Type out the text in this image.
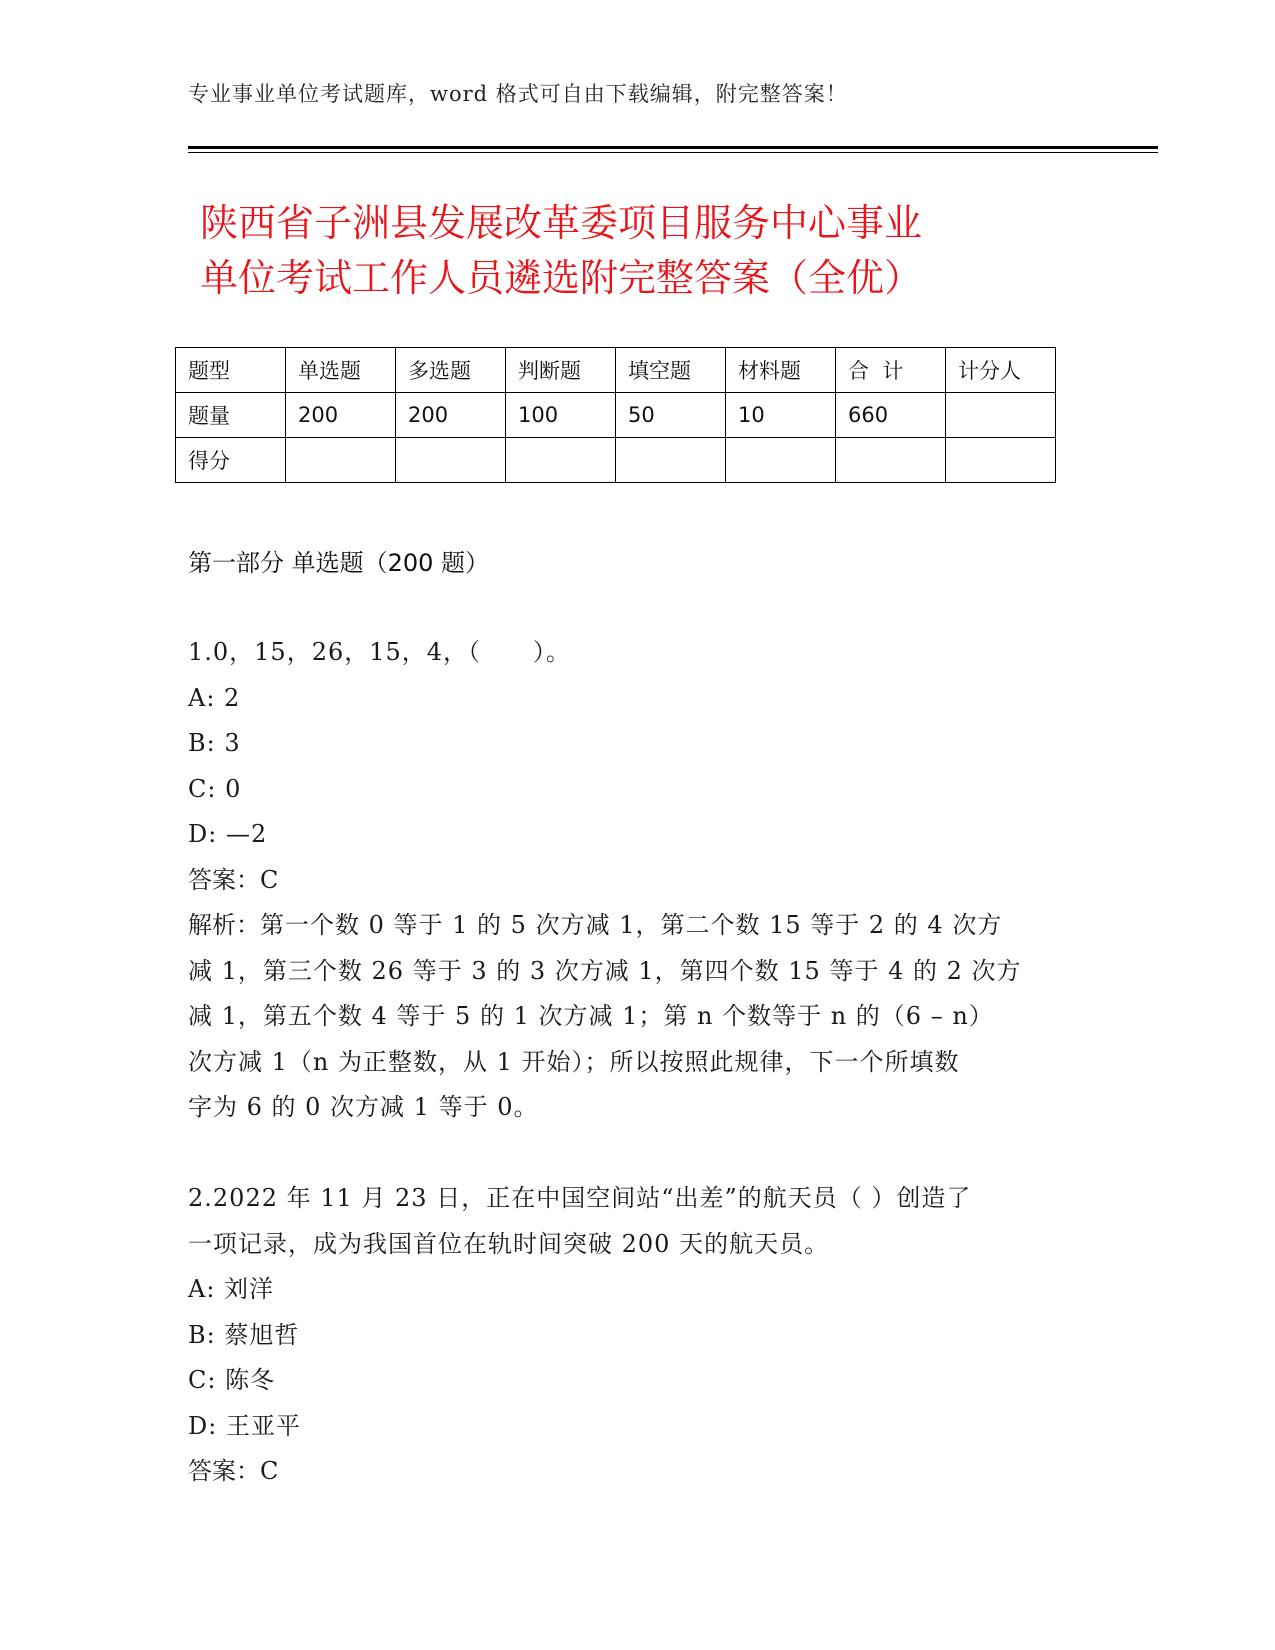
专业事业单位考试题库，word 格式可自由下载编辑，附完整答案！
陕西省子洲县发展改革委项目服务中心事业
单位考试工作人员遴选附完整答案（全优）
题型	单选题	多选题	判断题	填空题	材料题	合  计	计分人
题量	200	200	100	50	10	660	
得分							
第一部分 单选题（200 题）
1.0，15，26，15，4，（      ）。
A: 2
B: 3
C: 0
D: —2
答案：C
解析：第一个数 0 等于 1 的 5 次方减 1，第二个数 15 等于 2 的 4 次方
减 1，第三个数 26 等于 3 的 3 次方减 1，第四个数 15 等于 4 的 2 次方
减 1，第五个数 4 等于 5 的 1 次方减 1；第 n 个数等于 n 的（6 – n）
次方减 1（n 为正整数，从 1 开始）；所以按照此规律，下一个所填数
字为 6 的 0 次方减 1 等于 0。
2.2022 年 11 月 23 日，正在中国空间站“出差”的航天员（ ）创造了
一项记录，成为我国首位在轨时间突破 200 天的航天员。
A: 刘洋
B: 蔡旭哲
C: 陈冬
D: 王亚平
答案：C
